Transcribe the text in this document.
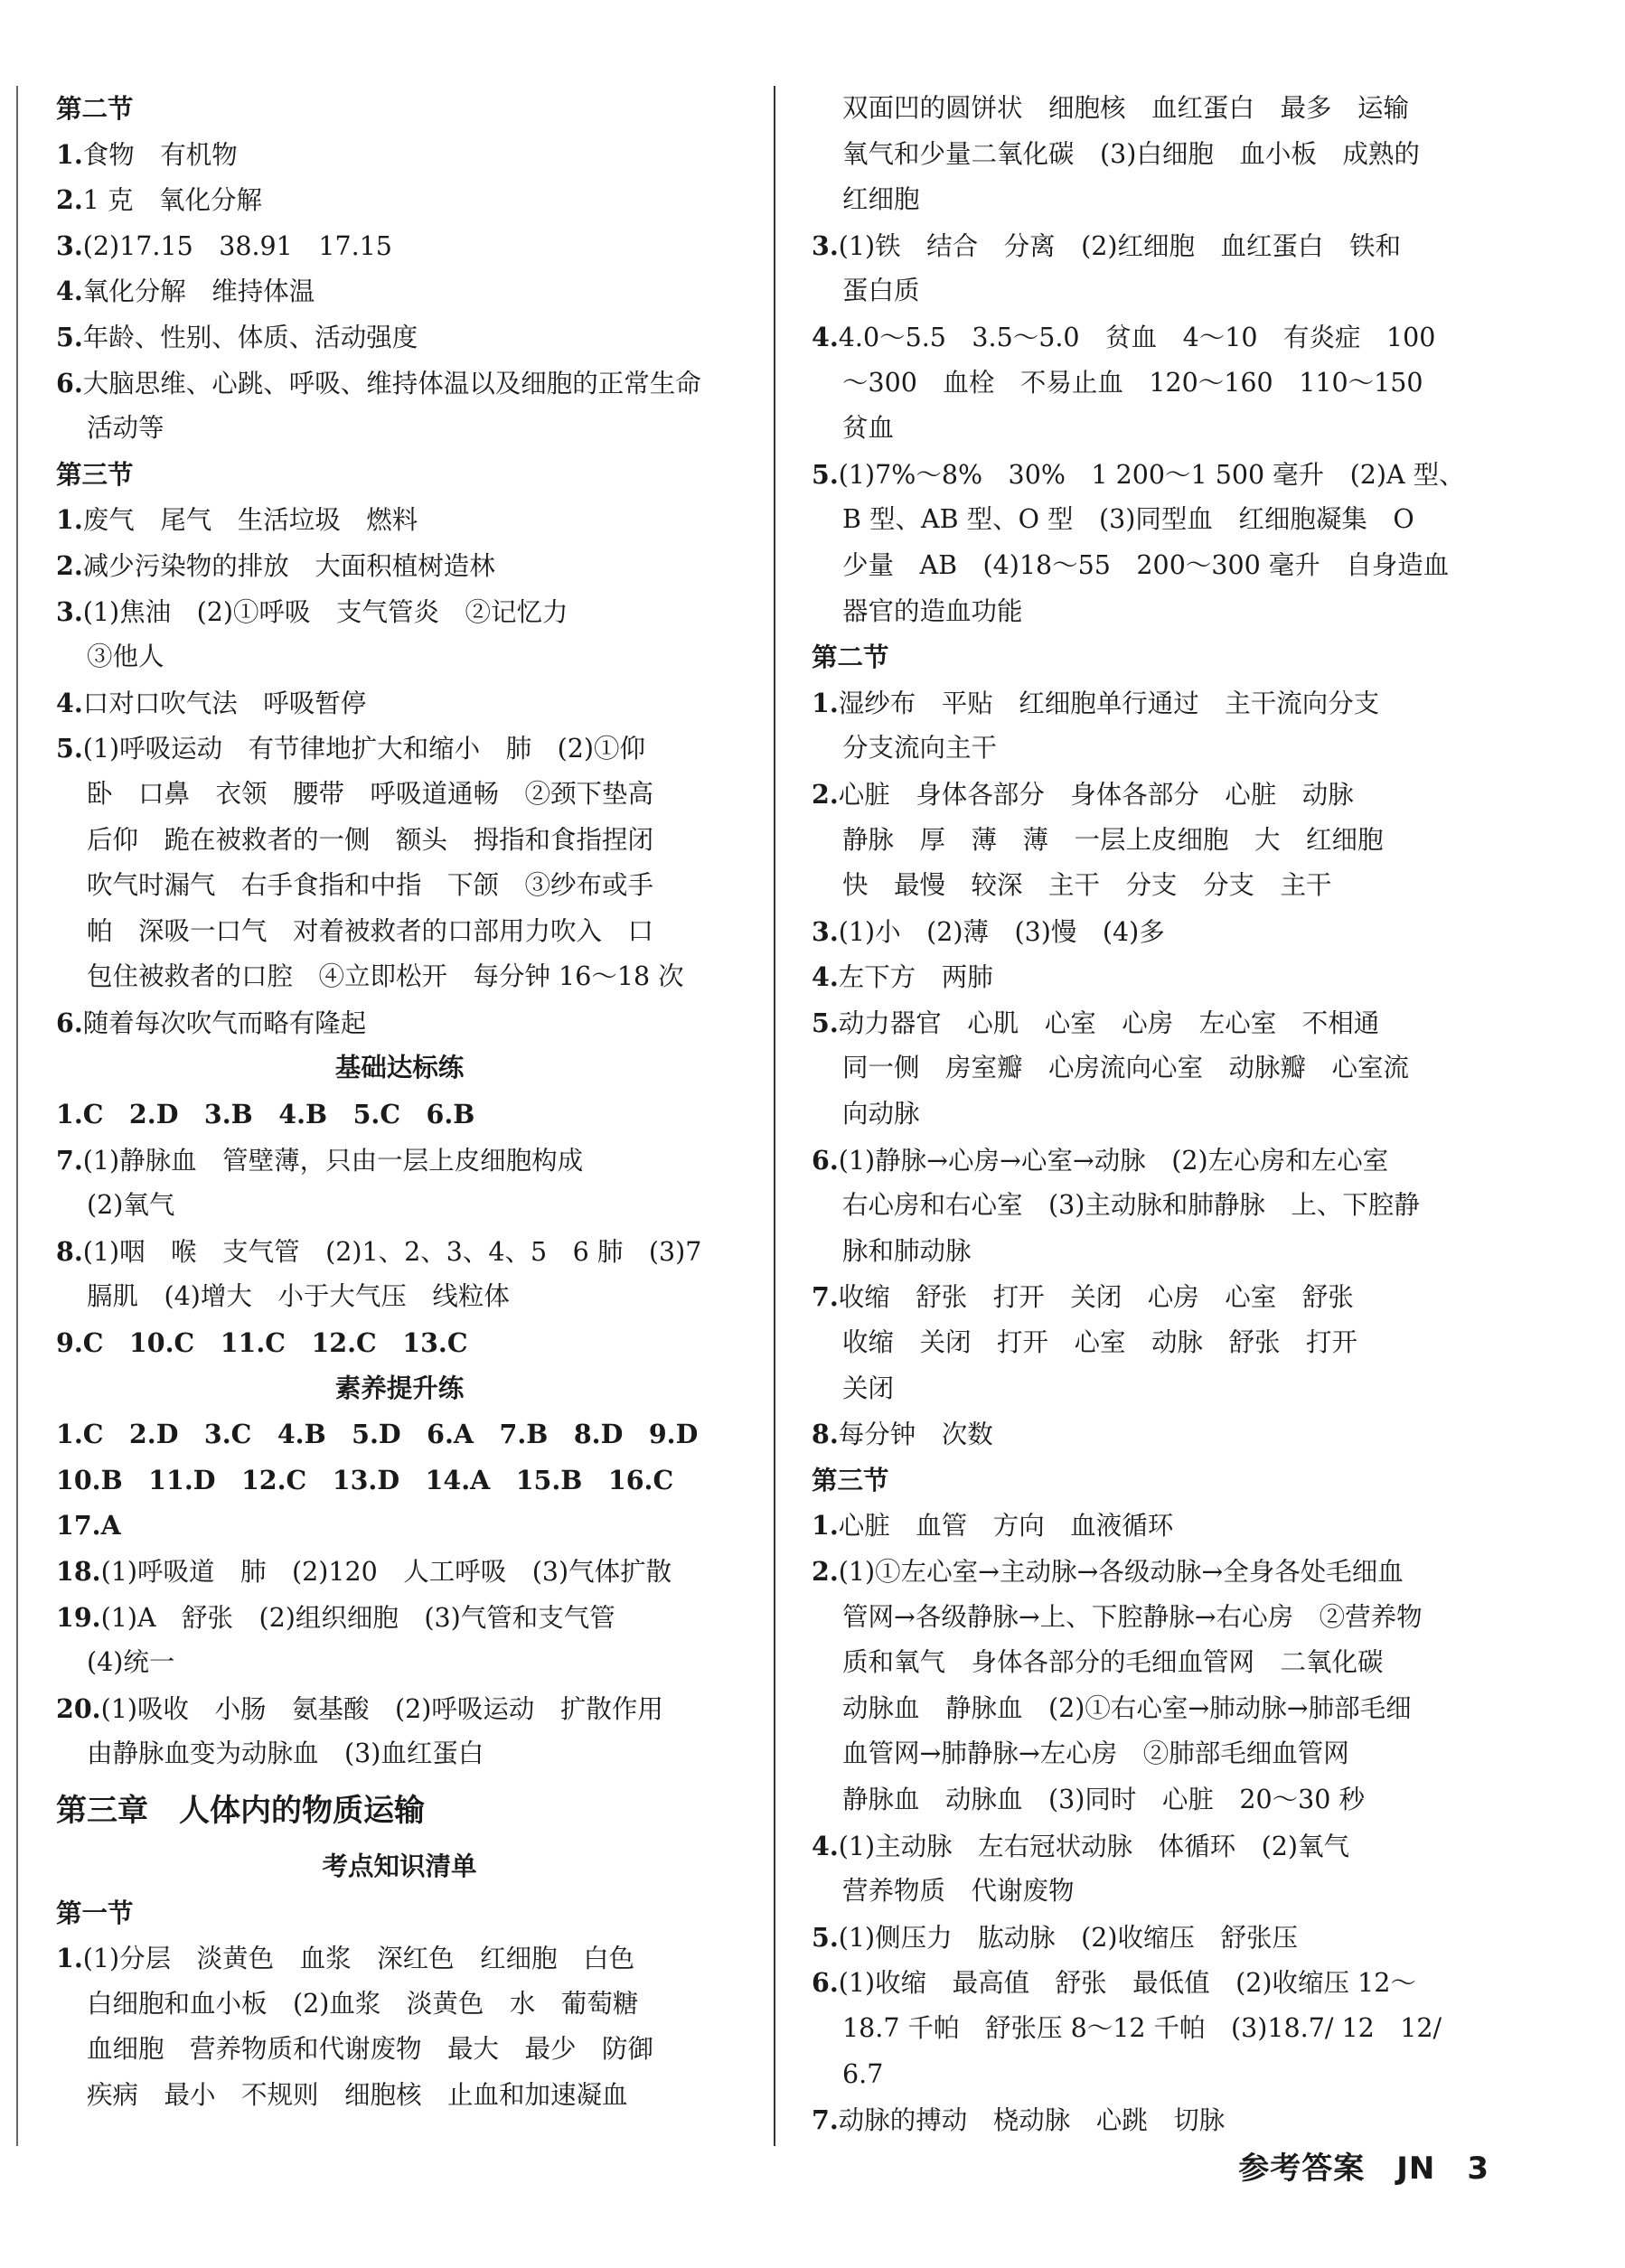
第二节
1.食物　有机物
2.1 克　氧化分解
3.(2)17.15　38.91　17.15
4.氧化分解　维持体温
5.年龄、性别、体质、活动强度
6.大脑思维、心跳、呼吸、维持体温以及细胞的正常生命
活动等
第三节
1.废气　尾气　生活垃圾　燃料
2.减少污染物的排放　大面积植树造林
3.(1)焦油　(2)①呼吸　支气管炎　②记忆力
③他人
4.口对口吹气法　呼吸暂停
5.(1)呼吸运动　有节律地扩大和缩小　肺　(2)①仰
卧　口鼻　衣领　腰带　呼吸道通畅　②颈下垫高
后仰　跪在被救者的一侧　额头　拇指和食指捏闭
吹气时漏气　右手食指和中指　下颌　③纱布或手
帕　深吸一口气　对着被救者的口部用力吹入　口
包住被救者的口腔　④立即松开　每分钟 16～18 次
6.随着每次吹气而略有隆起
基础达标练
1.C　2.D　3.B　4.B　5.C　6.B
7.(1)静脉血　管壁薄，只由一层上皮细胞构成
(2)氧气
8.(1)咽　喉　支气管　(2)1、2、3、4、5　6 肺　(3)7
膈肌　(4)增大　小于大气压　线粒体
9.C　10.C　11.C　12.C　13.C
素养提升练
1.C　2.D　3.C　4.B　5.D　6.A　7.B　8.D　9.D
10.B　11.D　12.C　13.D　14.A　15.B　16.C
17.A
18.(1)呼吸道　肺　(2)120　人工呼吸　(3)气体扩散
19.(1)A　舒张　(2)组织细胞　(3)气管和支气管
(4)统一
20.(1)吸收　小肠　氨基酸　(2)呼吸运动　扩散作用
由静脉血变为动脉血　(3)血红蛋白
第三章　人体内的物质运输
考点知识清单
第一节
1.(1)分层　淡黄色　血浆　深红色　红细胞　白色
白细胞和血小板　(2)血浆　淡黄色　水　葡萄糖
血细胞　营养物质和代谢废物　最大　最少　防御
疾病　最小　不规则　细胞核　止血和加速凝血
双面凹的圆饼状　细胞核　血红蛋白　最多　运输
氧气和少量二氧化碳　(3)白细胞　血小板　成熟的
红细胞
3.(1)铁　结合　分离　(2)红细胞　血红蛋白　铁和
蛋白质
4.4.0～5.5　3.5～5.0　贫血　4～10　有炎症　100
～300　血栓　不易止血　120～160　110～150
贫血
5.(1)7%～8%　30%　1 200～1 500 毫升　(2)A 型、
B 型、AB 型、O 型　(3)同型血　红细胞凝集　O
少量　AB　(4)18～55　200～300 毫升　自身造血
器官的造血功能
第二节
1.湿纱布　平贴　红细胞单行通过　主干流向分支
分支流向主干
2.心脏　身体各部分　身体各部分　心脏　动脉
静脉　厚　薄　薄　一层上皮细胞　大　红细胞
快　最慢　较深　主干　分支　分支　主干
3.(1)小　(2)薄　(3)慢　(4)多
4.左下方　两肺
5.动力器官　心肌　心室　心房　左心室　不相通
同一侧　房室瓣　心房流向心室　动脉瓣　心室流
向动脉
6.(1)静脉→心房→心室→动脉　(2)左心房和左心室
右心房和右心室　(3)主动脉和肺静脉　上、下腔静
脉和肺动脉
7.收缩　舒张　打开　关闭　心房　心室　舒张
收缩　关闭　打开　心室　动脉　舒张　打开
关闭
8.每分钟　次数
第三节
1.心脏　血管　方向　血液循环
2.(1)①左心室→主动脉→各级动脉→全身各处毛细血
管网→各级静脉→上、下腔静脉→右心房　②营养物
质和氧气　身体各部分的毛细血管网　二氧化碳
动脉血　静脉血　(2)①右心室→肺动脉→肺部毛细
血管网→肺静脉→左心房　②肺部毛细血管网
静脉血　动脉血　(3)同时　心脏　20～30 秒
4.(1)主动脉　左右冠状动脉　体循环　(2)氧气
营养物质　代谢废物
5.(1)侧压力　肱动脉　(2)收缩压　舒张压
6.(1)收缩　最高值　舒张　最低值　(2)收缩压 12～
18.7 千帕　舒张压 8～12 千帕　(3)18.7/ 12　12/
6.7
7.动脉的搏动　桡动脉　心跳　切脉
参考答案　JN　3
